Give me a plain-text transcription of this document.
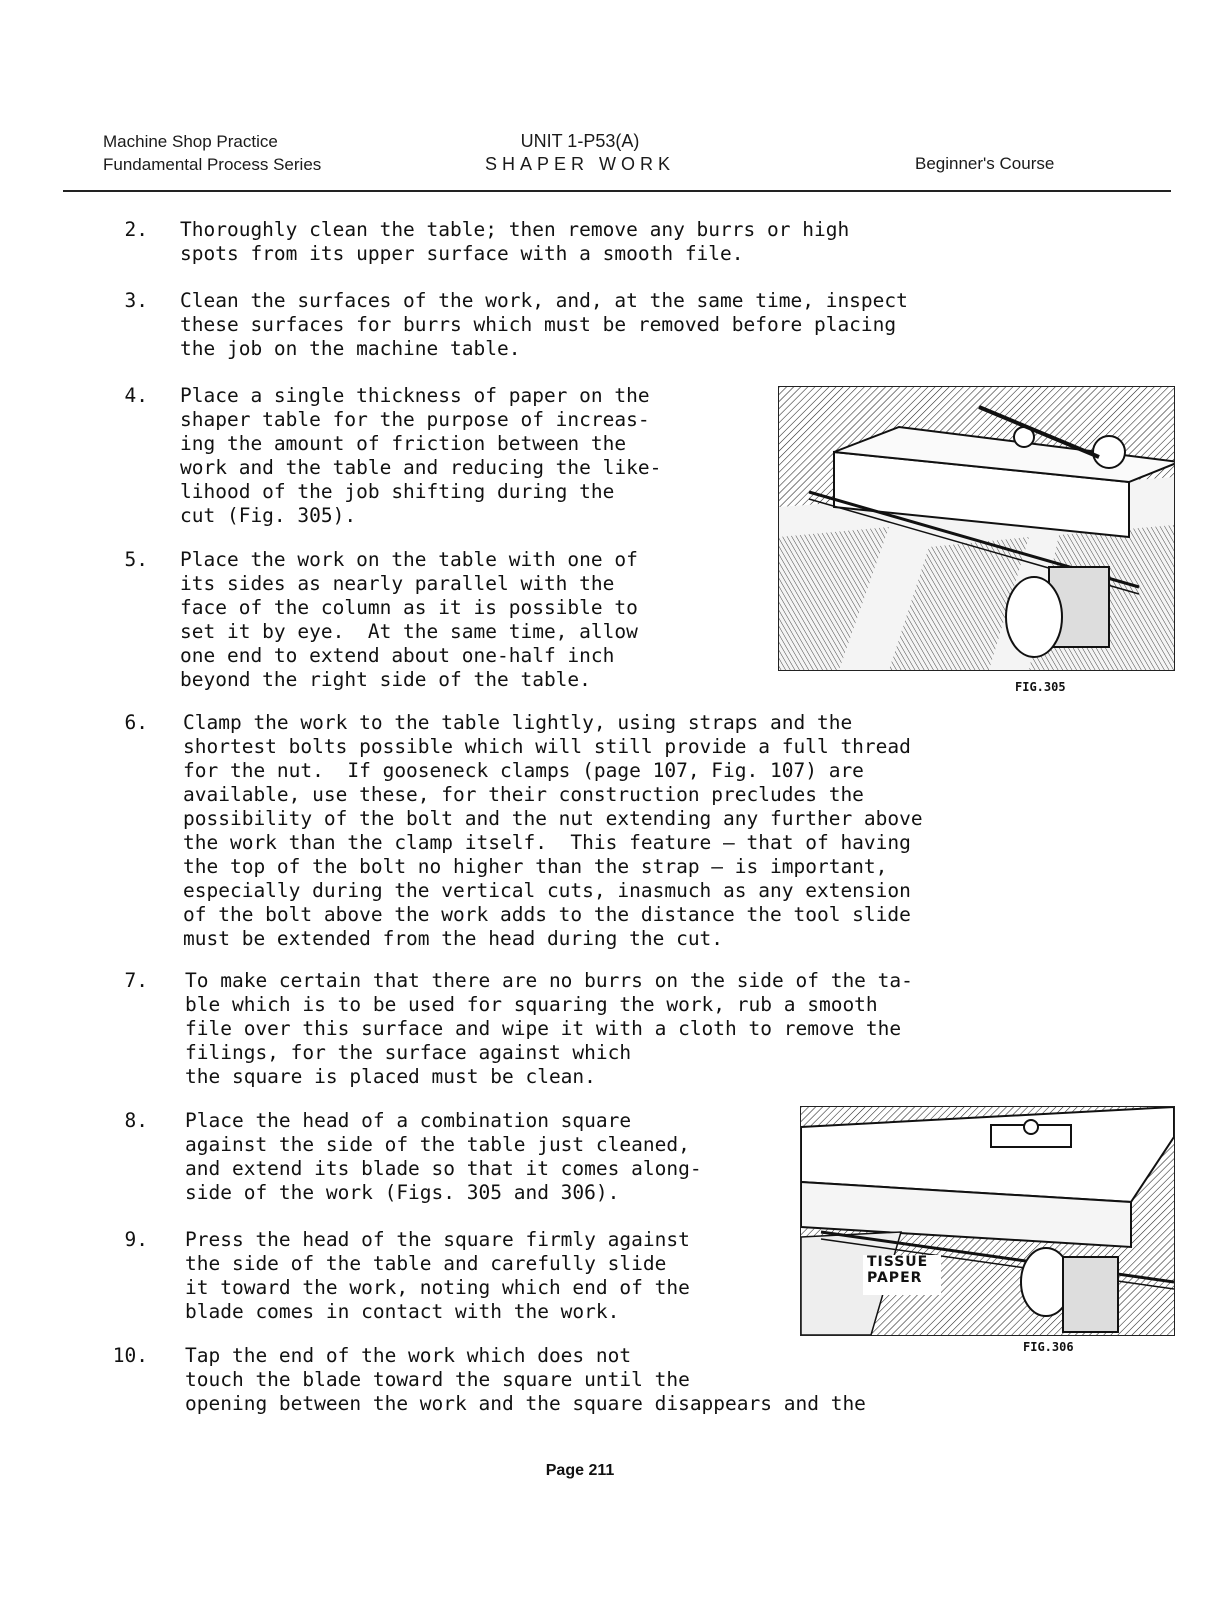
Machine Shop Practice
Fundamental Process Series
UNIT 1-P53(A)
SHAPER WORK	Beginner's Course
2. Thoroughly clean the table; then remove any burrs or high
spots from its upper surface with a smooth file.
3. Clean the surfaces of the work, and, at the same time, inspect
these surfaces for burrs which must be removed before placing
the job on the machine table.
4. Place a single thickness of paper on the
shaper table for the purpose of increas-
ing the amount of friction between the
work and the table and reducing the like-
lihood of the job shifting during the
cut (Fig. 305).
5. Place the work on the table with one of
its sides as nearly parallel with the
face of the column as it is possible to
set it by eye.  At the same time, allow
one end to extend about one-half inch
beyond the right side of the table.
6. Clamp the work to the table lightly, using straps and the
shortest bolts possible which will still provide a full thread
for the nut.  If gooseneck clamps (page 107, Fig. 107) are
available, use these, for their construction precludes the
possibility of the bolt and the nut extending any further above
the work than the clamp itself.  This feature — that of having
the top of the bolt no higher than the strap — is important,
especially during the vertical cuts, inasmuch as any extension
of the bolt above the work adds to the distance the tool slide
must be extended from the head during the cut.
7. To make certain that there are no burrs on the side of the ta-
ble which is to be used for squaring the work, rub a smooth
file over this surface and wipe it with a cloth to remove the
filings, for the surface against which
the square is placed must be clean.
8. Place the head of a combination square
against the side of the table just cleaned,
and extend its blade so that it comes along-
side of the work (Figs. 305 and 306).
9. Press the head of the square firmly against
the side of the table and carefully slide
it toward the work, noting which end of the
blade comes in contact with the work.
10. Tap the end of the work which does not
touch the blade toward the square until the
opening between the work and the square disappears and the
FIG.305
TISSUE
PAPER
FIG.306
Page 211
